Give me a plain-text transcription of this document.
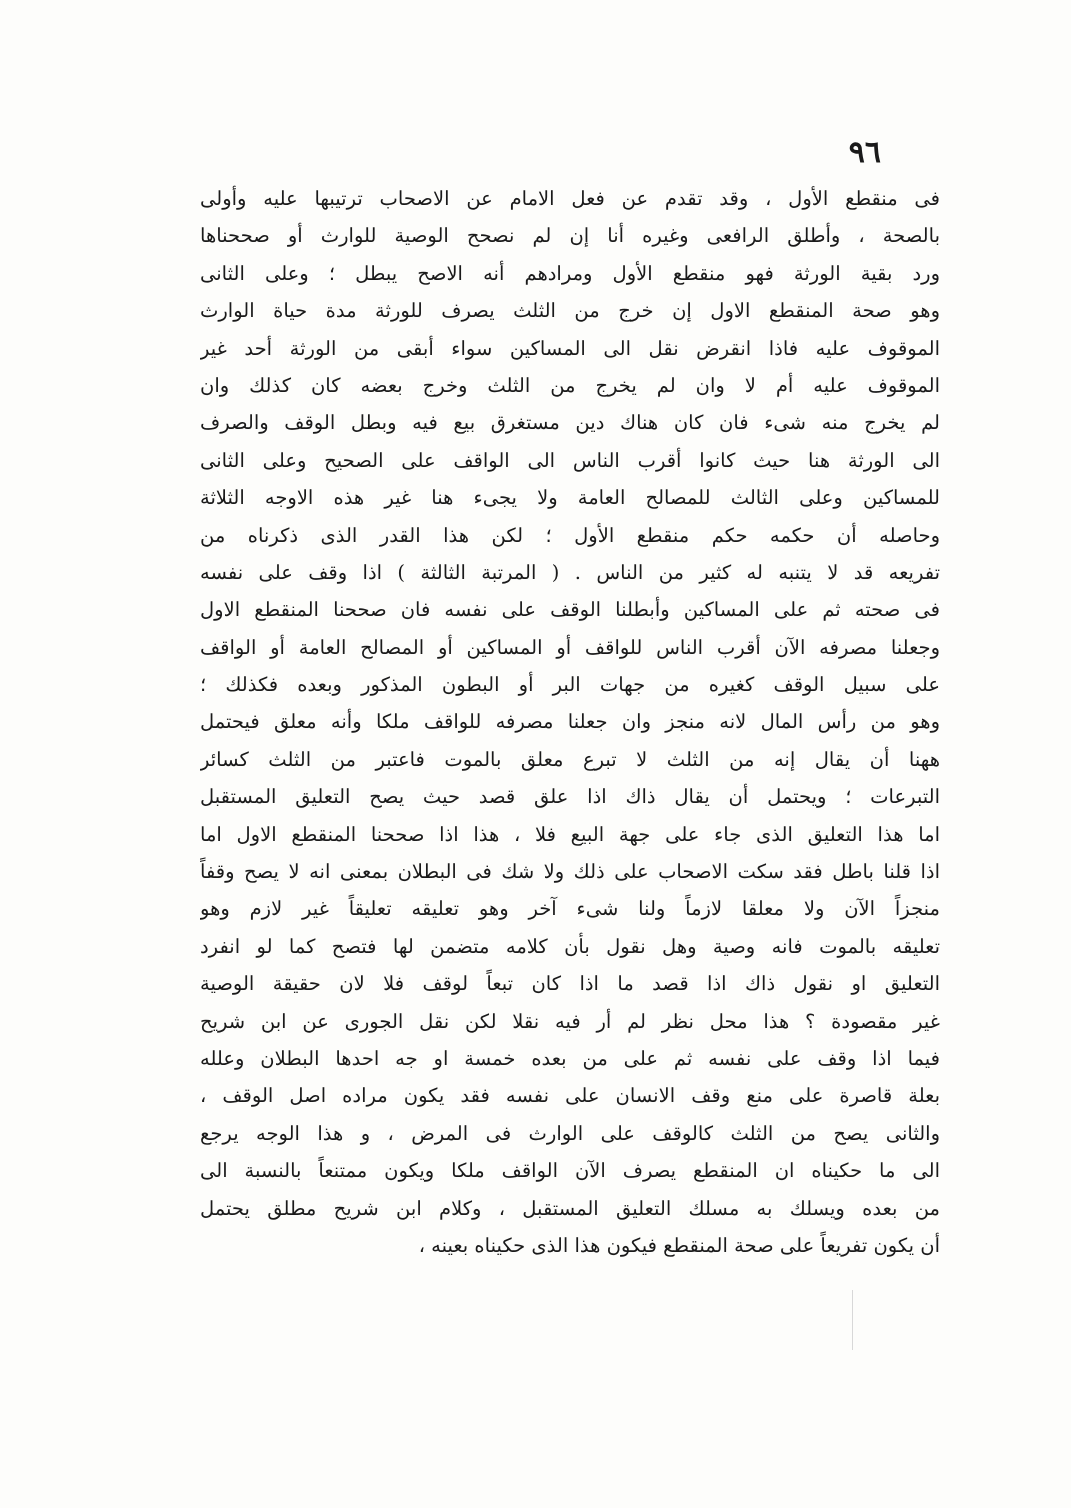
٩٦

فى منقطع الأول ، وقد تقدم عن فعل الامام عن الاصحاب ترتيبها عليه وأولى

بالصحة ، وأطلق الرافعى وغيره أنا إن لم نصحح الوصية للوارث أو صححناها

ورد بقية الورثة فهو منقطع الأول ومرادهم أنه الاصح يبطل ؛ وعلى الثانى

وهو صحة المنقطع الاول إن خرج من الثلث يصرف للورثة مدة حياة الوارث

الموقوف عليه فاذا انقرض نقل الى المساكين سواء أبقى من الورثة أحد غير

الموقوف عليه أم لا وان لم يخرج من الثلث وخرج بعضه كان كذلك وان

لم يخرج منه شىء فان كان هناك دين مستغرق بيع فيه وبطل الوقف والصرف

الى الورثة هنا حيث كانوا أقرب الناس الى الواقف على الصحيح وعلى الثانى

للمساكين وعلى الثالث للمصالح العامة ولا يجىء هنا غير هذه الاوجه الثلاثة

وحاصله أن حكمه حكم منقطع الأول ؛ لكن هذا القدر الذى ذكرناه من

تفريعه قد لا يتنبه له كثير من الناس . ( المرتبة الثالثة ) اذا وقف على نفسه

فى صحته ثم على المساكين وأبطلنا الوقف على نفسه فان صححنا المنقطع الاول

وجعلنا مصرفه الآن أقرب الناس للواقف أو المساكين أو المصالح العامة أو الواقف

على سبيل الوقف كغيره من جهات البر أو البطون المذكور وبعده فكذلك ؛

وهو من رأس المال لانه منجز وان جعلنا مصرفه للواقف ملكا وأنه معلق فيحتمل

ههنا أن يقال إنه من الثلث لا تبرع معلق بالموت فاعتبر من الثلث كسائر

التبرعات ؛ ويحتمل أن يقال ذاك اذا علق قصد حيث يصح التعليق المستقبل

اما هذا التعليق الذى جاء على جهة البيع فلا ، هذا اذا صححنا المنقطع الاول اما

اذا قلنا باطل فقد سكت الاصحاب على ذلك ولا شك فى البطلان بمعنى انه لا يصح وقفاً

منجزاً الآن ولا معلقا لازماً ولنا شىء آخر وهو تعليقه تعليقاً غير لازم وهو

تعليقه بالموت فانه وصية وهل نقول بأن كلامه متضمن لها فتصح كما لو انفرد

التعليق او نقول ذاك اذا قصد ما اذا كان تبعاً لوقف فلا لان حقيقة الوصية

غير مقصودة ؟ هذا محل نظر لم أر فيه نقلا لكن نقل الجورى عن ابن شريح

فيما اذا وقف على نفسه ثم على من بعده خمسة او جه احدها البطلان وعلله

بعلة قاصرة على منع وقف الانسان على نفسه فقد يكون مراده اصل الوقف ،

والثانى يصح من الثلث كالوقف على الوارث فى المرض ، و هذا الوجه يرجع

الى ما حكيناه ان المنقطع يصرف الآن الواقف ملكا ويكون ممتنعاً بالنسبة الى

من بعده ويسلك به مسلك التعليق المستقبل ، وكلام ابن شريح مطلق يحتمل

أن يكون تفريعاً على صحة المنقطع فيكون هذا الذى حكيناه بعينه ،
